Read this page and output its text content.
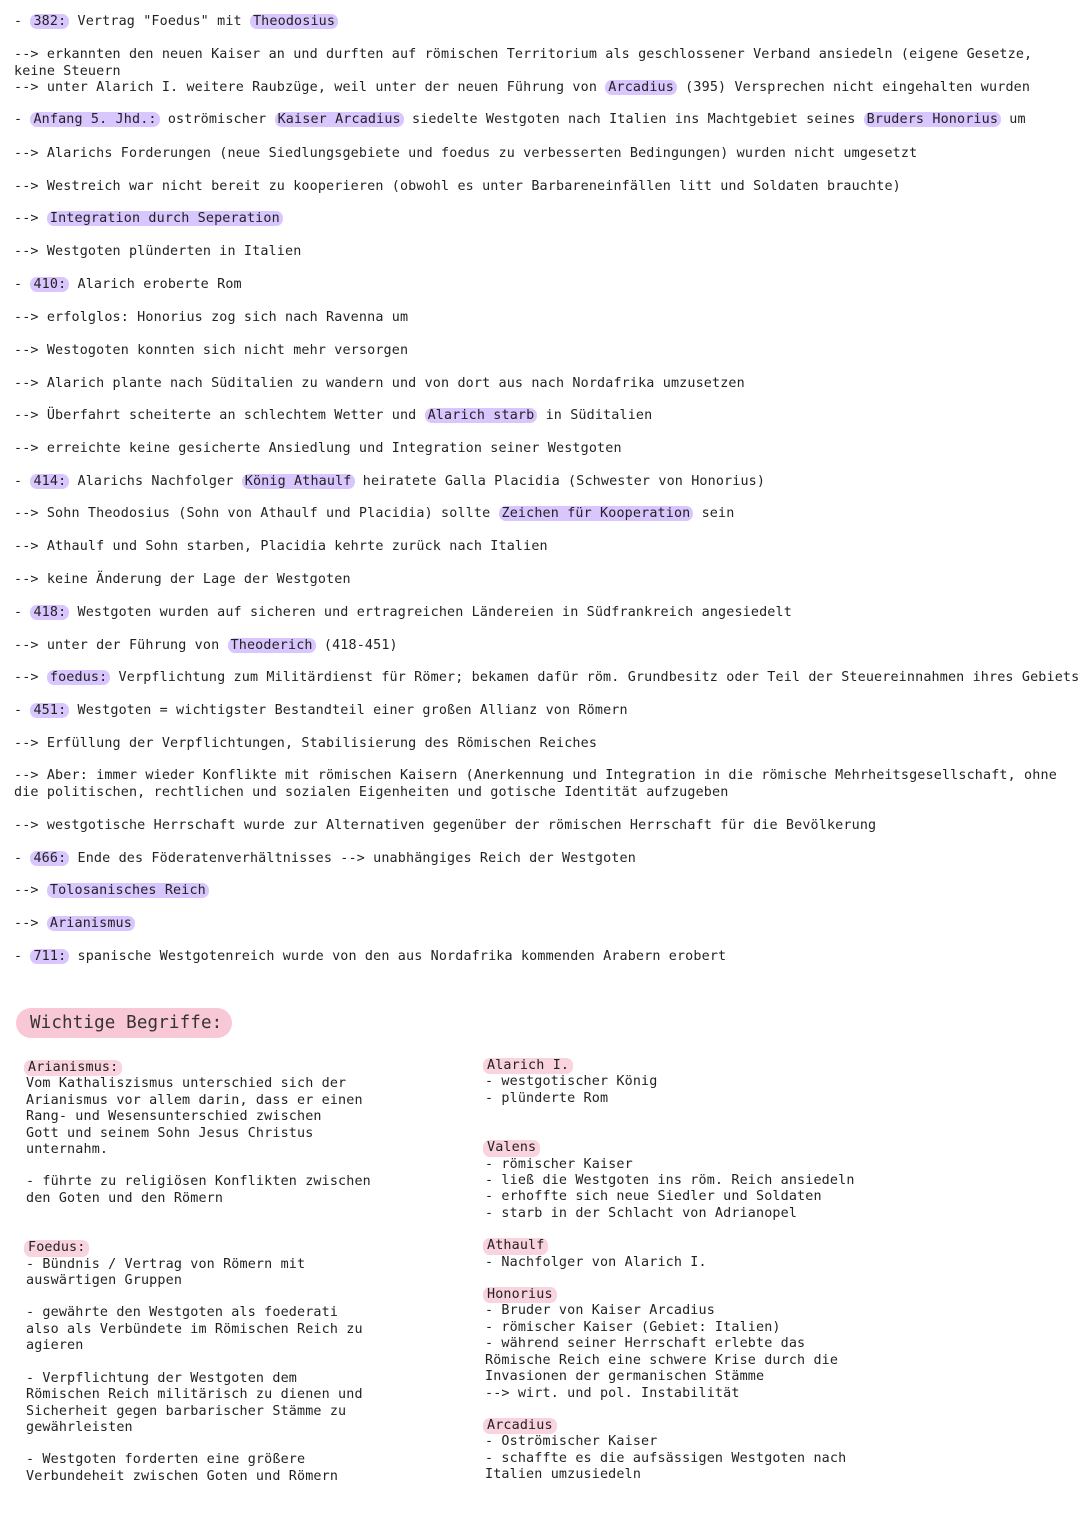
- 382: Vertrag "Foedus" mit Theodosius
--> erkannten den neuen Kaiser an und durften auf römischen Territorium als geschlossener Verband ansiedeln (eigene Gesetze, keine Steuern
--> unter Alarich I. weitere Raubzüge, weil unter der neuen Führung von Arcadius (395) Versprechen nicht eingehalten wurden
- Anfang 5. Jhd.: oströmischer Kaiser Arcadius siedelte Westgoten nach Italien ins Machtgebiet seines Bruders Honorius um
--> Alarichs Forderungen (neue Siedlungsgebiete und foedus zu verbesserten Bedingungen) wurden nicht umgesetzt
--> Westreich war nicht bereit zu kooperieren (obwohl es unter Barbareneinfällen litt und Soldaten brauchte)
--> Integration durch Seperation
--> Westgoten plünderten in Italien
- 410: Alarich eroberte Rom
--> erfolglos: Honorius zog sich nach Ravenna um
--> Westogoten konnten sich nicht mehr versorgen
--> Alarich plante nach Süditalien zu wandern und von dort aus nach Nordafrika umzusetzen
--> Überfahrt scheiterte an schlechtem Wetter und Alarich starb in Süditalien
--> erreichte keine gesicherte Ansiedlung und Integration seiner Westgoten
- 414: Alarichs Nachfolger König Athaulf heiratete Galla Placidia (Schwester von Honorius)
--> Sohn Theodosius (Sohn von Athaulf und Placidia) sollte Zeichen für Kooperation sein
--> Athaulf und Sohn starben, Placidia kehrte zurück nach Italien
--> keine Änderung der Lage der Westgoten
- 418: Westgoten wurden auf sicheren und ertragreichen Ländereien in Südfrankreich angesiedelt
--> unter der Führung von Theoderich (418-451)
--> foedus: Verpflichtung zum Militärdienst für Römer; bekamen dafür röm. Grundbesitz oder Teil der Steuereinnahmen ihres Gebiets
- 451: Westgoten = wichtigster Bestandteil einer großen Allianz von Römern
--> Erfüllung der Verpflichtungen, Stabilisierung des Römischen Reiches
--> Aber: immer wieder Konflikte mit römischen Kaisern (Anerkennung und Integration in die römische Mehrheitsgesellschaft, ohne die politischen, rechtlichen und sozialen Eigenheiten und gotische Identität aufzugeben
--> westgotische Herrschaft wurde zur Alternativen gegenüber der römischen Herrschaft für die Bevölkerung
- 466: Ende des Föderatenverhältnisses --> unabhängiges Reich der Westgoten
--> Tolosanisches Reich
--> Arianismus
- 711: spanische Westgotenreich wurde von den aus Nordafrika kommenden Arabern erobert
Wichtige Begriffe:
Arianismus:
Vom Kathaliszismus unterschied sich der
Arianismus vor allem darin, dass er einen
Rang- und Wesensunterschied zwischen
Gott und seinem Sohn Jesus Christus
unternahm.
- führte zu religiösen Konflikten zwischen
den Goten und den Römern
Foedus:
- Bündnis / Vertrag von Römern mit
auswärtigen Gruppen
- gewährte den Westgoten als foederati
also als Verbündete im Römischen Reich zu
agieren
- Verpflichtung der Westgoten dem
Römischen Reich militärisch zu dienen und
Sicherheit gegen barbarischer Stämme zu
gewährleisten
- Westgoten forderten eine größere
Verbundeheit zwischen Goten und Römern
Alarich I.
- westgotischer König
- plünderte Rom
Valens
- römischer Kaiser
- ließ die Westgoten ins röm. Reich ansiedeln
- erhoffte sich neue Siedler und Soldaten
- starb in der Schlacht von Adrianopel
Athaulf
- Nachfolger von Alarich I.
Honorius
- Bruder von Kaiser Arcadius
- römischer Kaiser (Gebiet: Italien)
- während seiner Herrschaft erlebte das
Römische Reich eine schwere Krise durch die
Invasionen der germanischen Stämme
--> wirt. und pol. Instabilität
Arcadius
- Oströmischer Kaiser
- schaffte es die aufsässigen Westgoten nach
Italien umzusiedeln
